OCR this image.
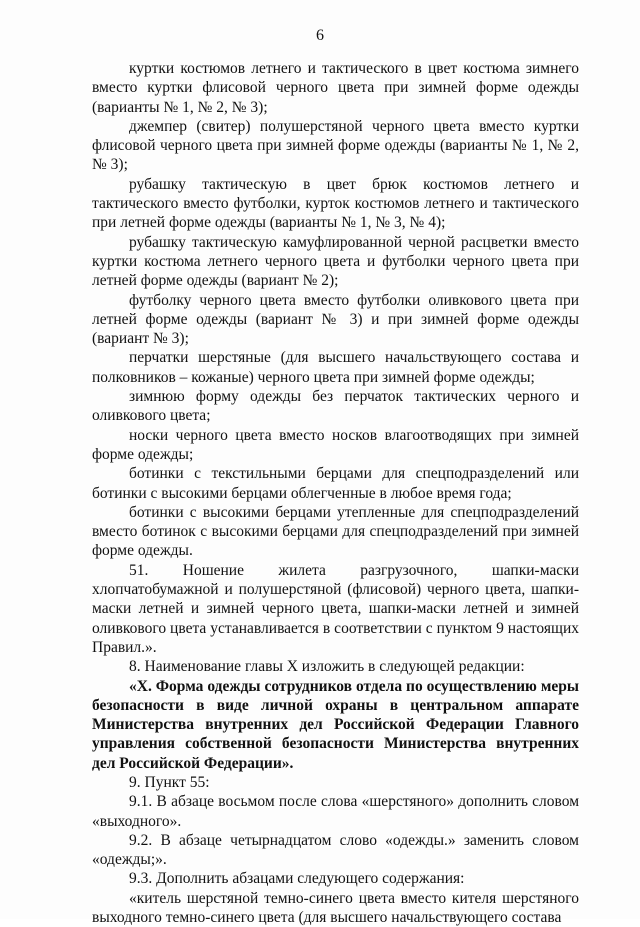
6

куртки костюмов летнего и тактического в цвет костюма зимнего вместо куртки флисовой черного цвета при зимней форме одежды (варианты № 1, № 2, № 3);

джемпер (свитер) полушерстяной черного цвета вместо куртки флисовой черного цвета при зимней форме одежды (варианты № 1, № 2, № 3);

рубашку тактическую в цвет брюк костюмов летнего и тактического вместо футболки, курток костюмов летнего и тактического при летней форме одежды (варианты № 1, № 3, № 4);

рубашку тактическую камуфлированной черной расцветки вместо куртки костюма летнего черного цвета и футболки черного цвета при летней форме одежды (вариант № 2);

футболку черного цвета вместо футболки оливкового цвета при летней форме одежды (вариант № 3) и при зимней форме одежды (вариант № 3);

перчатки шерстяные (для высшего начальствующего состава и полковников – кожаные) черного цвета при зимней форме одежды;

зимнюю форму одежды без перчаток тактических черного и оливкового цвета;

носки черного цвета вместо носков влагоотводящих при зимней форме одежды;

ботинки с текстильными берцами для спецподразделений или ботинки с высокими берцами облегченные в любое время года;

ботинки с высокими берцами утепленные для спецподразделений вместо ботинок с высокими берцами для спецподразделений при зимней форме одежды.

51. Ношение жилета разгрузочного, шапки-маски хлопчатобумажной и полушерстяной (флисовой) черного цвета, шапки-маски летней и зимней черного цвета, шапки-маски летней и зимней оливкового цвета устанавливается в соответствии с пунктом 9 настоящих Правил.».

8. Наименование главы X изложить в следующей редакции:

«X. Форма одежды сотрудников отдела по осуществлению меры безопасности в виде личной охраны в центральном аппарате Министерства внутренних дел Российской Федерации Главного управления собственной безопасности Министерства внутренних дел Российской Федерации».

9. Пункт 55:

9.1. В абзаце восьмом после слова «шерстяного» дополнить словом «выходного».

9.2. В абзаце четырнадцатом слово «одежды.» заменить словом «одежды;».

9.3. Дополнить абзацами следующего содержания:

«китель шерстяной темно-синего цвета вместо кителя шерстяного выходного темно-синего цвета (для высшего начальствующего состава
